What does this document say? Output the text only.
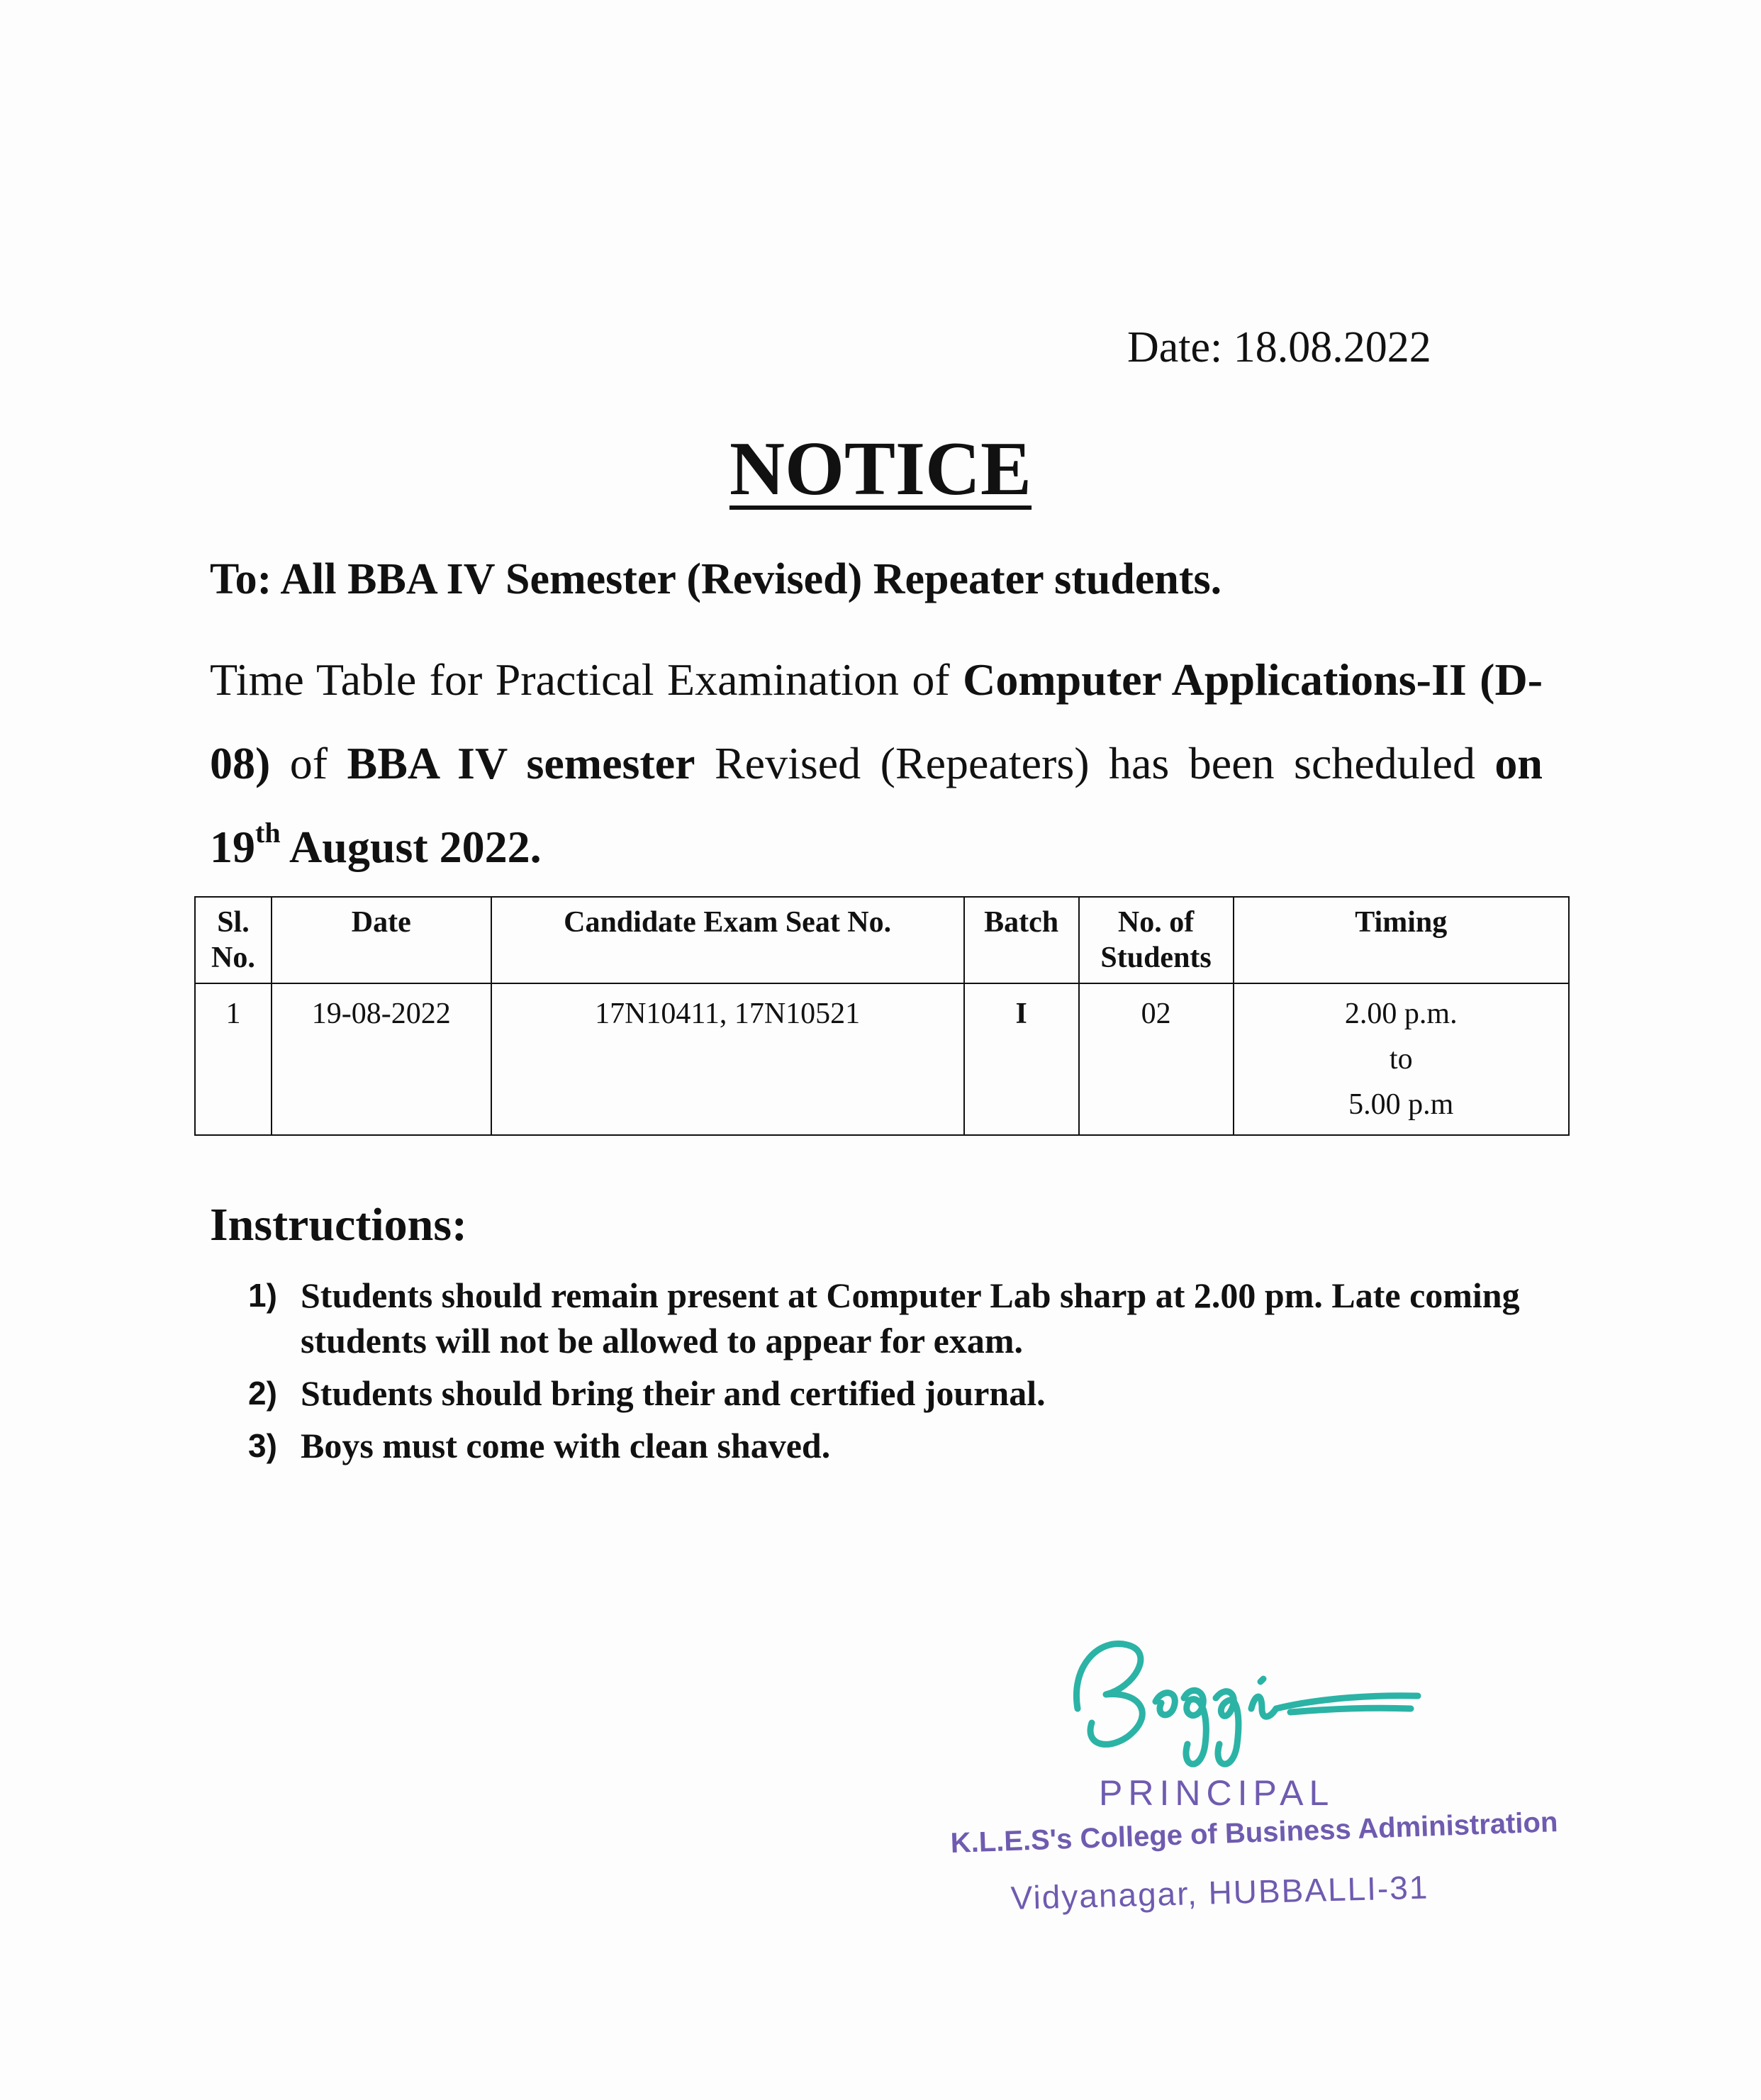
Date: 18.08.2022
NOTICE
To: All BBA IV Semester (Revised) Repeater students.
Time Table for Practical Examination of Computer Applications-II (D-08) of BBA IV semester Revised (Repeaters) has been scheduled on 19th August 2022.
Sl. No.	Date	Candidate Exam Seat No.	Batch	No. of Students	Timing
1	19-08-2022	17N10411, 17N10521	I	02	2.00 p.m.
to
5.00 p.m
Instructions:
1) Students should remain present at Computer Lab sharp at 2.00 pm. Late coming students will not be allowed to appear for exam.
2) Students should bring their and certified journal.
3) Boys must come with clean shaved.
PRINCIPAL
K.L.E.S's College of Business Administration
Vidyanagar, HUBBALLI-31
